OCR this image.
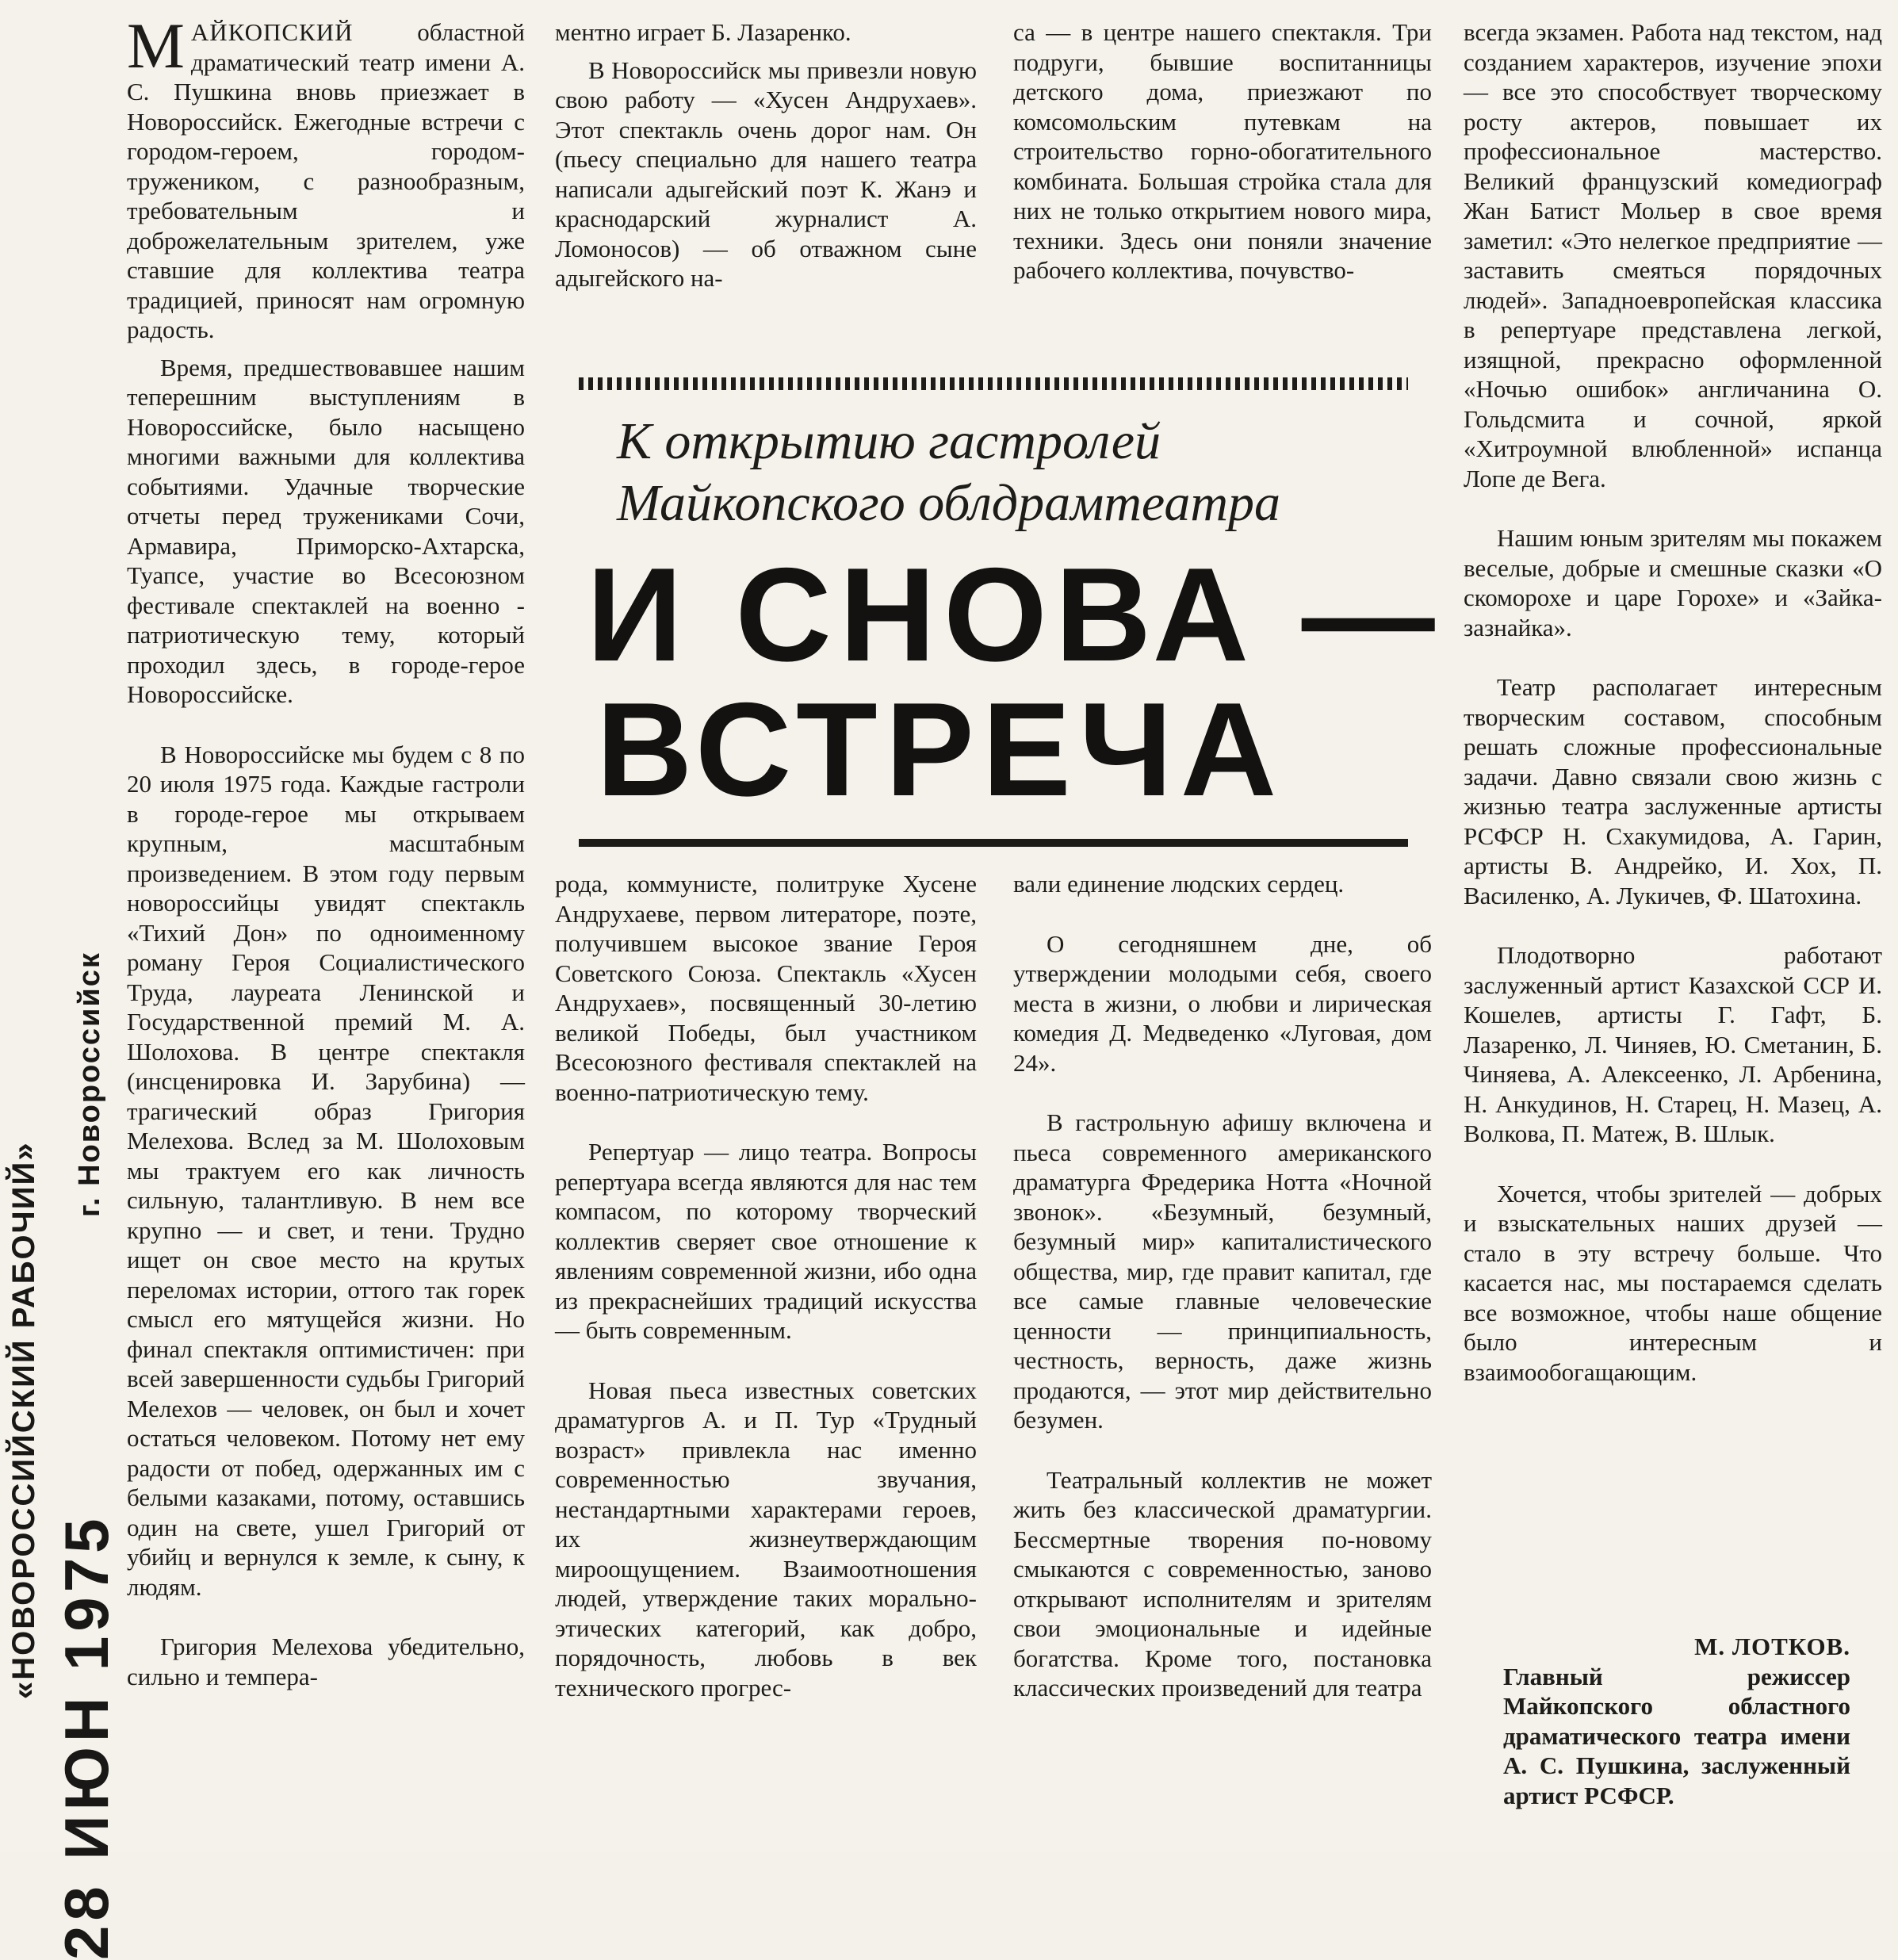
«НОВОРОССИЙСКИЙ РАБОЧИЙ»
г. Новороссийск
28 ИЮН 1975

МАЙКОПСКИЙ	областной драматический театр имени А. С. Пушкина вновь приезжает в Новороссийск. Ежегодные встречи с городом-героем, городом-тружеником, с разнообразным, требовательным и доброжелательным зрителем, уже ставшие для коллектива театра традицией, приносят нам огромную радость.

Время, предшествовавшее нашим теперешним выступлениям в Новороссийске, было насыщено многими важными для коллектива событиями. Удачные творческие отчеты перед тружениками Сочи, Армавира, Приморско-Ахтарска, Туапсе, участие во Всесоюзном фестивале спектаклей на военно - патриотическую тему, который проходил здесь, в городе-герое Новороссийске.

В Новороссийске мы будем с 8 по 20 июля 1975 года. Каждые гастроли в городе-герое мы открываем крупным, масштабным произведением. В этом году первым новороссийцы увидят спектакль «Тихий Дон» по одноименному роману Героя Социалистического Труда, лауреата Ленинской и Государственной премий М. А. Шолохова. В центре спектакля (инсценировка И. Зарубина) — трагический образ Григория Мелехова. Вслед за М. Шолоховым мы трактуем его как личность сильную, талантливую. В нем все крупно — и свет, и тени. Трудно ищет он свое место на крутых переломах истории, оттого так горек смысл его мятущейся жизни. Но финал спектакля оптимистичен: при всей завершенности судьбы Григорий Мелехов — человек, он был и хочет остаться человеком. Потому нет ему радости от побед, одержанных им с белыми казаками, потому, оставшись один на свете, ушел Григорий от убийц и вернулся к земле, к сыну, к людям.

Григория Мелехова убедительно, сильно и темпера-

ментно играет Б. Лазаренко.

В Новороссийск мы привезли новую свою работу — «Хусен Андрухаев». Этот спектакль очень дорог нам. Он (пьесу специально для нашего театра написали адыгейский поэт К. Жанэ и краснодарский журналист А. Ломоносов) — об отважном сыне адыгейского на-

са — в центре нашего спектакля. Три подруги, бывшие воспитанницы детского дома, приезжают по комсомольским путевкам на строительство горно-обогатительного комбината. Большая стройка стала для них не только открытием нового мира, техники. Здесь они поняли значение рабочего коллектива, почувство-

К открытию гастролей
Майкопского облдрамтеатра
И СНОВА —
ВСТРЕЧА

рода, коммунисте, политруке Хусене Андрухаеве, первом литераторе, поэте, получившем высокое звание Героя Советского Союза. Спектакль «Хусен Андрухаев», посвященный 30-летию великой Победы, был участником Всесоюзного фестиваля спектаклей на военно-патриотическую тему.

Репертуар — лицо театра. Вопросы репертуара всегда являются для нас тем компасом, по которому творческий коллектив сверяет свое отношение к явлениям современной жизни, ибо одна из прекраснейших традиций искусства — быть современным.

Новая пьеса известных советских драматургов А. и П. Тур «Трудный возраст» привлекла нас именно современностью звучания, нестандартными характерами героев, их жизнеутверждающим мироощущением. Взаимоотношения людей, утверждение таких морально-этических категорий, как добро, порядочность, любовь в век технического прогрес-

вали единение людских сердец.

О сегодняшнем дне, об утверждении молодыми себя, своего места в жизни, о любви и лирическая комедия Д. Медведенко «Луговая, дом 24».

В гастрольную афишу включена и пьеса современного американского драматурга Фредерика Нотта «Ночной звонок». «Безумный, безумный, безумный мир» капиталистического общества, мир, где правит капитал, где все самые главные человеческие ценности — принципиальность, честность, верность, даже жизнь продаются, — этот мир действительно безумен.

Театральный коллектив не может жить без классической драматургии. Бессмертные творения по-новому смыкаются с современностью, заново открывают исполнителям и зрителям свои эмоциональные и идейные богатства. Кроме того, постановка классических произведений для театра

всегда экзамен. Работа над текстом, над созданием характеров, изучение эпохи — все это способствует творческому росту актеров, повышает их профессиональное мастерство. Великий французский комедиограф Жан Батист Мольер в свое время заметил: «Это нелегкое предприятие — заставить смеяться порядочных людей». Западноевропейская классика в репертуаре представлена легкой, изящной, прекрасно оформленной «Ночью ошибок» англичанина О. Гольдсмита и сочной, яркой «Хитроумной влюбленной» испанца Лопе де Вега.

Нашим юным зрителям мы покажем веселые, добрые и смешные сказки «О скоморохе и царе Горохе» и «Зайка-зазнайка».

Театр располагает интересным творческим составом, способным решать сложные профессиональные задачи. Давно связали свою жизнь с жизнью театра заслуженные артисты РСФСР Н. Схакумидова, А. Гарин, артисты В. Андрейко, И. Хох, П. Василенко, А. Лукичев, Ф. Шатохина.

Плодотворно работают заслуженный артист Казахской ССР И. Кошелев, артисты Г. Гафт, Б. Лазаренко, Л. Чиняев, Ю. Сметанин, Б. Чиняева, А. Алексеенко, Л. Арбенина, Н. Анкудинов, Н. Старец, Н. Мазец, А. Волкова, П. Матеж, В. Шлык.

Хочется, чтобы зрителей — добрых и взыскательных наших друзей — стало в эту встречу больше. Что касается нас, мы постараемся сделать все возможное, чтобы наше общение было интересным и взаимообогащающим.

М. ЛОТКОВ.
Главный режиссер Майкопского областного драматического театра имени А. С. Пушкина, заслуженный артист РСФСР.
